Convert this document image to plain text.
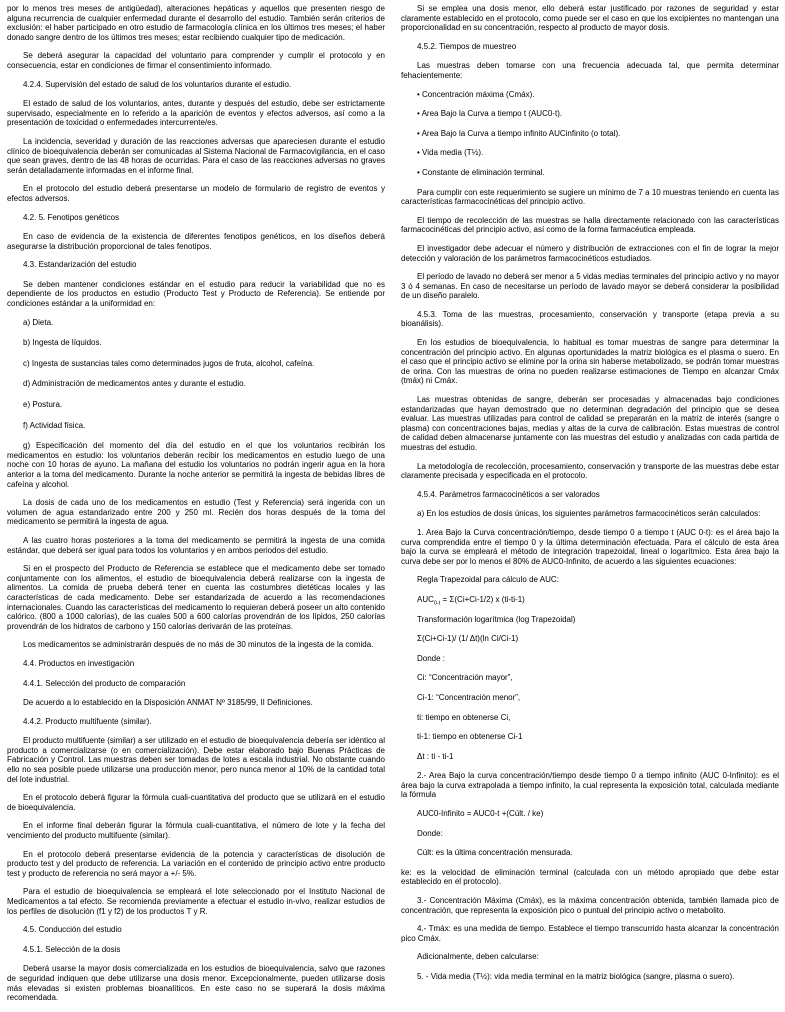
por lo menos tres meses de antigüedad), alteraciones hepáticas y aquellos que presenten riesgo de alguna recurrencia de cualquier enfermedad durante el desarrollo del estudio. También serán criterios de exclusión: el haber participado en otro estudio de farmacología clínica en los últimos tres meses; el haber donado sangre dentro de los últimos tres meses; estar recibiendo cualquier tipo de medicación.
Se deberá asegurar la capacidad del voluntario para comprender y cumplir el protocolo y en consecuencia, estar en condiciones de firmar el consentimiento informado.
4.2.4. Supervisión del estado de salud de los voluntarios durante el estudio.
El estado de salud de los voluntarios, antes, durante y después del estudio, debe ser estrictamente supervisado, especialmente en lo referido a la aparición de eventos y efectos adversos, así como a la presentación de toxicidad o enfermedades intercurrente/es.
La incidencia, severidad y duración de las reacciones adversas que apareciesen durante el estudio clínico de bioequivalencia deberán ser comunicadas al Sistema Nacional de Farmacovigilancia, en el caso que sean graves, dentro de las 48 horas de ocurridas. Para el caso de las reacciones adversas no graves serán detalladamente informadas en el informe final.
En el protocolo del estudio deberá presentarse un modelo de formulario de registro de eventos y efectos adversos.
4.2. 5. Fenotipos genéticos
En caso de evidencia de la existencia de diferentes fenotipos genéticos, en los diseños deberá asegurarse la distribución proporcional de tales fenotipos.
4.3. Estandarización del estudio
Se deben mantener condiciones estándar en el estudio para reducir la variabilidad que no es dependiente de los productos en estudio (Producto Test y Producto de Referencia). Se entiende por condiciones estándar a la uniformidad en:
a) Dieta.
b) Ingesta de líquidos.
c) Ingesta de sustancias tales como determinados jugos de fruta, alcohol, cafeína.
d) Administración de medicamentos antes y durante el estudio.
e) Postura.
f) Actividad física.
g) Especificación del momento del día del estudio en el que los voluntarios recibirán los medicamentos en estudio: los voluntarios deberán recibir los medicamentos en estudio luego de una noche con 10 horas de ayuno. La mañana del estudio los voluntarios no podrán ingerir agua en la hora anterior a la toma del medicamento. Durante la noche anterior se permitirá la ingesta de bebidas libres de cafeína y alcohol.
La dosis de cada uno de los medicamentos en estudio (Test y Referencia) será ingerida con un volumen de agua estandarizado entre 200 y 250 ml. Recién dos horas después de la toma del medicamento se permitirá la ingesta de agua.
A las cuatro horas posteriores a la toma del medicamento se permitirá la ingesta de una comida estándar, que deberá ser igual para todos los voluntarios y en ambos periodos del estudio.
Si en el prospecto del Producto de Referencia se establece que el medicamento debe ser tomado conjuntamente con los alimentos, el estudio de bioequivalencia deberá realizarse con la ingesta de alimentos. La comida de prueba deberá tener en cuenta las costumbres dietéticas locales y las características de cada medicamento. Debe ser estandarizada de acuerdo a las recomendaciones internacionales. Cuando las características del medicamento lo requieran deberá poseer un alto contenido calórico. (800 a 1000 calorías), de las cuales 500 a 600 calorías provendrán de los lípidos, 250 calorías provendrán de los hidratos de carbono y 150 calorías derivarán de las proteínas.
Los medicamentos se administrarán después de no más de 30 minutos de la ingesta de la comida.
4.4. Productos en investigación
4.4.1. Selección del producto de comparación
De acuerdo a lo establecido en la Disposición ANMAT Nº 3185/99, II Definiciones.
4.4.2. Producto multifuente (similar).
El producto multifuente (similar) a ser utilizado en el estudio de bioequivalencia debería ser idéntico al producto a comercializarse (o en comercialización). Debe estar elaborado bajo Buenas Prácticas de Fabricación y Control. Las muestras deben ser tomadas de lotes a escala industrial. No obstante cuando ello no sea posible puede utilizarse una producción menor, pero nunca menor al 10% de la cantidad total del lote industrial.
En el protocolo deberá figurar la fórmula cuali-cuantitativa del producto que se utilizará en el estudio de bioequivalencia.
En el informe final deberán figurar la fórmula cuali-cuantitativa, el número de lote y la fecha del vencimiento del producto multifuente (similar).
En el protocolo deberá presentarse evidencia de la potencia y características de disolución de producto test y del producto de referencia. La variación en el contenido de principio activo entre producto test y producto de referencia no será mayor a +/- 5%.
Para el estudio de bioequivalencia se empleará el lote seleccionado por el Instituto Nacional de Medicamentos a tal efecto. Se recomienda previamente a efectuar el estudio in-vivo, realizar estudios de los perfiles de disolución (f1 y f2) de los productos T y R.
4.5. Conducción del estudio
4.5.1. Selección de la dosis
Deberá usarse la mayor dosis comercializada en los estudios de bioequivalencia, salvo que razones de seguridad indiquen que debe utilizarse una dosis menor. Excepcionalmente, pueden utilizarse dosis más elevadas si existen problemas bioanalíticos. En este caso no se superará la dosis máxima recomendada.
Si se emplea una dosis menor, ello deberá estar justificado por razones de seguridad y estar claramente establecido en el protocolo, como puede ser el caso en que los excipientes no mantengan una proporcionalidad en su concentración, respecto al producto de mayor dosis.
4.5.2. Tiempos de muestreo
Las muestras deben tomarse con una frecuencia adecuada tal, que permita determinar fehacientemente:
• Concentración máxima (Cmáx).
• Area Bajo la Curva a tiempo t (AUC0-t).
• Area Bajo la Curva a tiempo infinito AUCinfinito (o total).
• Vida media (T½).
• Constante de eliminación terminal.
Para cumplir con este requerimiento se sugiere un mínimo de 7 a 10 muestras teniendo en cuenta las características farmacocinéticas del principio activo.
El tiempo de recolección de las muestras se halla directamente relacionado con las características farmacocinéticas del principio activo, así como de la forma farmacéutica empleada.
El investigador debe adecuar el número y distribución de extracciones con el fin de lograr la mejor detección y valoración de los parámetros farmacocinéticos estudiados.
El período de lavado no deberá ser menor a 5 vidas medias terminales del principio activo y no mayor 3 ó 4 semanas. En caso de necesitarse un período de lavado mayor se deberá considerar la posibilidad de un diseño paralelo.
4.5.3. Toma de las muestras, procesamiento, conservación y transporte (etapa previa a su bioanálisis).
En los estudios de bioequivalencia, lo habitual es tomar muestras de sangre para determinar la concentración del principio activo. En algunas oportunidades la matriz biológica es el plasma o suero. En el caso que el principio activo se elimine por la orina sin haberse metabolizado, se podrán tomar muestras de orina. Con las muestras de orina no pueden realizarse estimaciones de Tiempo en alcanzar Cmáx (tmáx) ni Cmáx.
Las muestras obtenidas de sangre, deberán ser procesadas y almacenadas bajo condiciones estandarizadas que hayan demostrado que no determinan degradación del principio que se desea evaluar. Las muestras utilizadas para control de calidad se prepararán en la matriz de interés (sangre o plasma) con concentraciones bajas, medias y altas de la curva de calibración. Estas muestras de control de calidad deben almacenarse juntamente con las muestras del estudio y analizadas con cada partida de muestras del estudio.
La metodología de recolección, procesamiento, conservación y transporte de las muestras debe estar claramente precisada y especificada en el protocolo.
4.5.4. Parámetros farmacocinéticos a ser valorados
a) En los estudios de dosis únicas, los siguientes parámetros farmacocinéticos serán calculados:
1. Area Bajo la Curva concentración/tiempo, desde tiempo 0 a tiempo t (AUC 0-t): es el área bajo la curva comprendida entre el tiempo 0 y la última determinación efectuada. Para el cálculo de esta área bajo la curva se empleará el método de integración trapezoidal, lineal o logarítmico. Esta área bajo la curva debe ser por lo menos el 80% de AUC0-Infinito, de acuerdo a las siguientes ecuaciones:
Regla Trapezoidal para cálculo de AUC:
$AUC_{0-t} = \Sigma(Ci+Ci-1/2)$ x (ti-ti-1)
Transformación logarítmica (log Trapezoidal)
Σ(Ci+Ci-1)/ (1/ Δt)(ln Ci/Ci-1)
Donde :
Ci: “Concentración mayor”,
Ci-1: “Concentración menor”,
ti: tiempo en obtenerse Ci,
ti-1: tiempo en obtenerse Ci-1
Δt : ti - ti-1
2.- Area Bajo la curva concentración/tiempo desde tiempo 0 a tiempo infinito (AUC 0-Infinito): es el área bajo la curva extrapolada a tiempo infinito, la cual representa la exposición total, calculada mediante la fórmula
AUC0-Infinito = AUC0-t +(Cúlt. / ke)
Donde:
Cúlt: es la última concentración mensurada.
ke: es la velocidad de eliminación terminal (calculada con un método apropiado que debe estar establecido en el protocolo).
3.- Concentración Máxima (Cmáx), es la máxima concentración obtenida, también llamada pico de concentración, que representa la exposición pico o puntual del principio activo o metabolito.
4.- Tmáx: es una medida de tiempo. Establece el tiempo transcurrido hasta alcanzar la concentración pico Cmáx.
Adicionalmente, deben calcularse:
5. - Vida media (T½): vida media terminal en la matriz biológica (sangre, plasma o suero).
